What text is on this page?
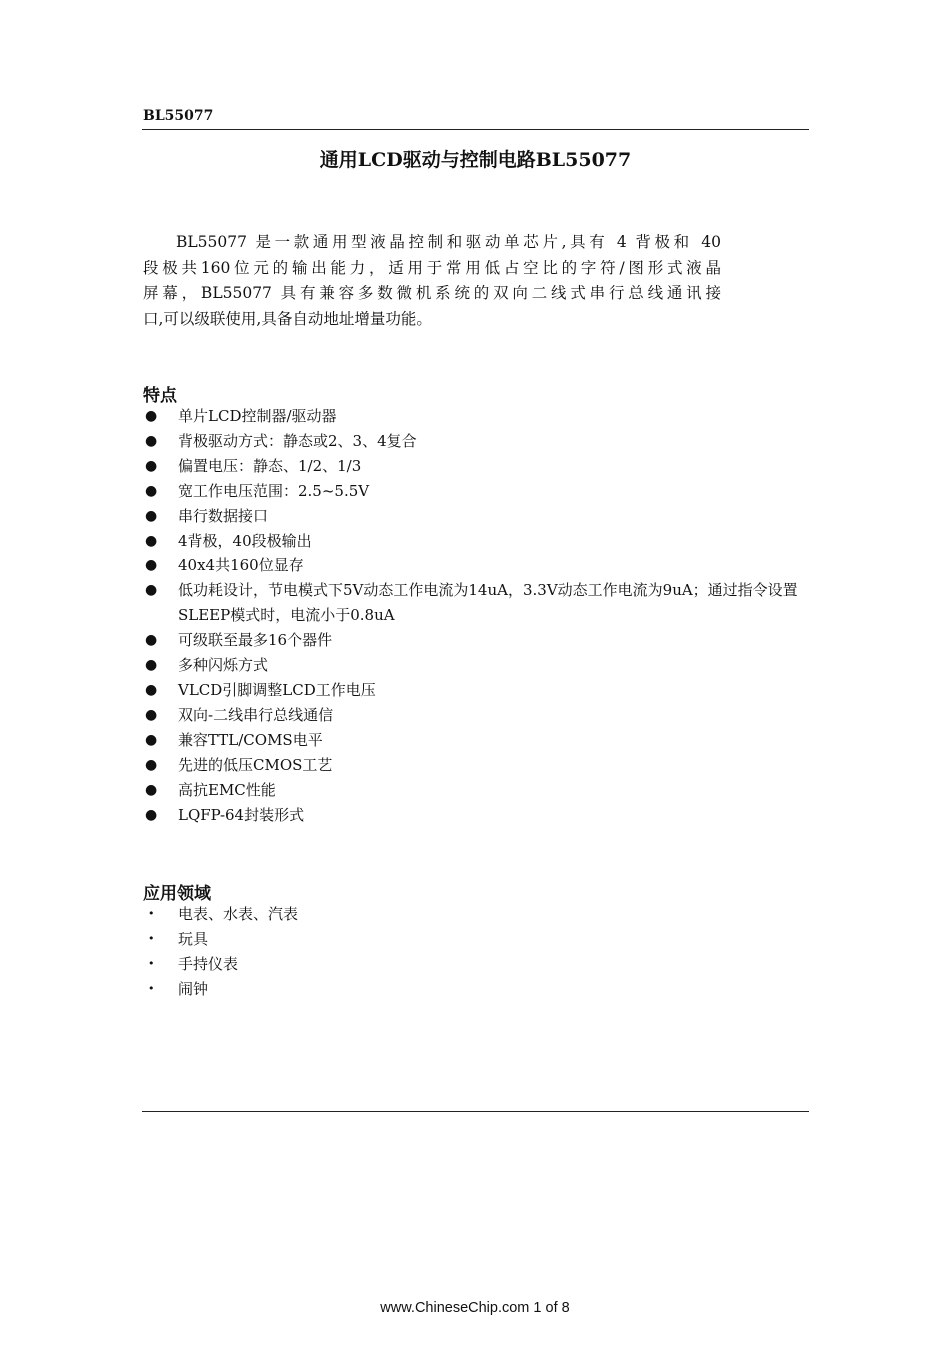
BL55077
通用LCD驱动与控制电路BL55077
BL55077 是一款通用型液晶控制和驱动单芯片,具有 4 背极和 40
段极共160位元的输出能力，适用于常用低占空比的字符/图形式液晶
屏幕，BL55077 具有兼容多数微机系统的双向二线式串行总线通讯接
口,可以级联使用,具备自动地址增量功能。
特点
● 单片LCD控制器/驱动器
● 背极驱动方式：静态或2、3、4复合
● 偏置电压：静态、1/2、1/3
● 宽工作电压范围：2.5~5.5V
● 串行数据接口
● 4背极，40段极输出
● 40x4共160位显存
● 低功耗设计，节电模式下5V动态工作电流为14uA，3.3V动态工作电流为9uA；通过指令设置SLEEP模式时，电流小于0.8uA
● 可级联至最多16个器件
● 多种闪烁方式
● VLCD引脚调整LCD工作电压
● 双向-二线串行总线通信
● 兼容TTL/COMS电平
● 先进的低压CMOS工艺
● 高抗EMC性能
● LQFP-64封装形式
应用领域
• 电表、水表、汽表
• 玩具
• 手持仪表
• 闹钟
www.ChineseChip.com 1 of 8
